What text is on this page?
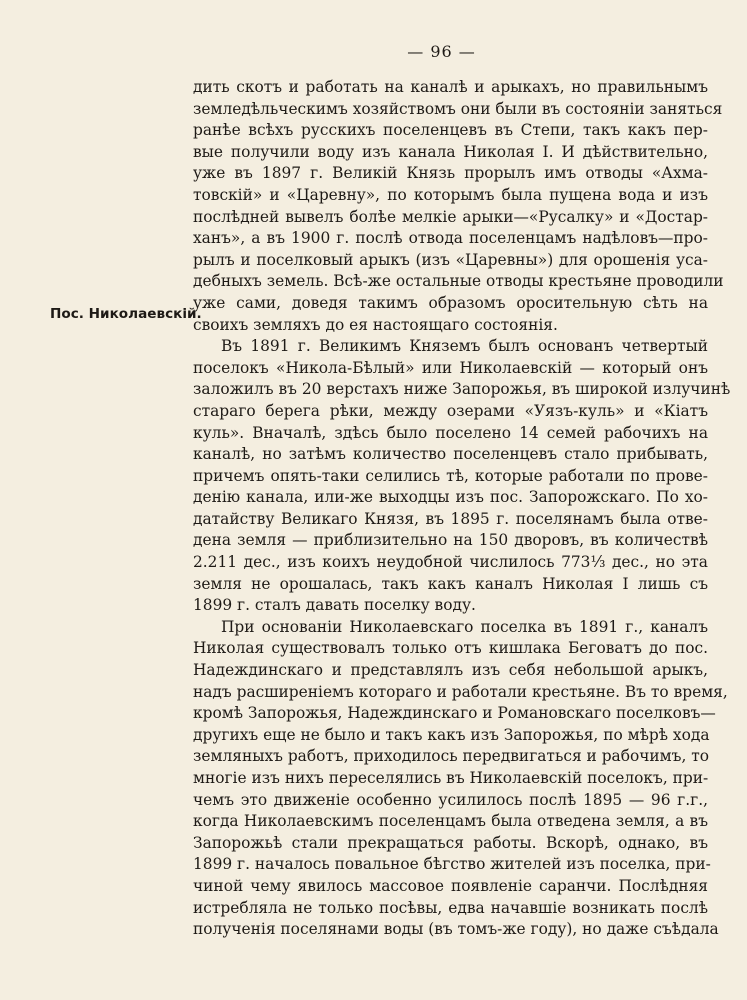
— 96 —
Пос. Николаевскій.
дить скотъ и работать на каналѣ и арыкахъ, но правильнымъ
земледѣльческимъ хозяйствомъ они были въ состояніи заняться
ранѣе всѣхъ русскихъ поселенцевъ въ Степи, такъ какъ пер-
вые получили воду изъ канала Николая I. И дѣйствительно,
уже въ 1897 г. Великій Князь прорылъ имъ отводы «Ахма-
товскій» и «Царевну», по которымъ была пущена вода и изъ
послѣдней вывелъ болѣе мелкіе арыки—«Русалку» и «Достар-
ханъ», а въ 1900 г. послѣ отвода поселенцамъ надѣловъ—про-
рылъ и поселковый арыкъ (изъ «Царевны») для орошенія уса-
дебныхъ земель. Всѣ-же остальные отводы крестьяне проводили
уже сами, доведя такимъ образомъ оросительную сѣть на
своихъ земляхъ до ея настоящаго состоянія.
Въ 1891 г. Великимъ Княземъ былъ основанъ четвертый
поселокъ «Никола-Бѣлый» или Николаевскій — который онъ
заложилъ въ 20 верстахъ ниже Запорожья, въ широкой излучинѣ
стараго берега рѣки, между озерами «Уязъ-куль» и «Кіатъ
куль». Вначалѣ, здѣсь было поселено 14 семей рабочихъ на
каналѣ, но затѣмъ количество поселенцевъ стало прибывать,
причемъ опять-таки селились тѣ, которые работали по прове-
денію канала, или-же выходцы изъ пос. Запорожскаго. По хо-
датайству Великаго Князя, въ 1895 г. поселянамъ была отве-
дена земля — приблизительно на 150 дворовъ, въ количествѣ
2.211 дес., изъ коихъ неудобной числилось 773⅓ дес., но эта
земля не орошалась, такъ какъ каналъ Николая I лишь съ
1899 г. сталъ давать поселку воду.
При основаніи Николаевскаго поселка въ 1891 г., каналъ
Николая существовалъ только отъ кишлака Беговатъ до пос.
Надеждинскаго и представлялъ изъ себя небольшой арыкъ,
надъ расширеніемъ котораго и работали крестьяне. Въ то время,
кромѣ Запорожья, Надеждинскаго и Романовскаго поселковъ—
другихъ еще не было и такъ какъ изъ Запорожья, по мѣрѣ хода
земляныхъ работъ, приходилось передвигаться и рабочимъ, то
многіе изъ нихъ переселялись въ Николаевскій поселокъ, при-
чемъ это движеніе особенно усилилось послѣ 1895 — 96 г.г.,
когда Николаевскимъ поселенцамъ была отведена земля, а въ
Запорожьѣ стали прекращаться работы. Вскорѣ, однако, въ
1899 г. началось повальное бѣгство жителей изъ поселка, при-
чиной чему явилось массовое появленіе саранчи. Послѣдняя
истребляла не только посѣвы, едва начавшіе возникать послѣ
полученія поселянами воды (въ томъ-же году), но даже съѣдала
